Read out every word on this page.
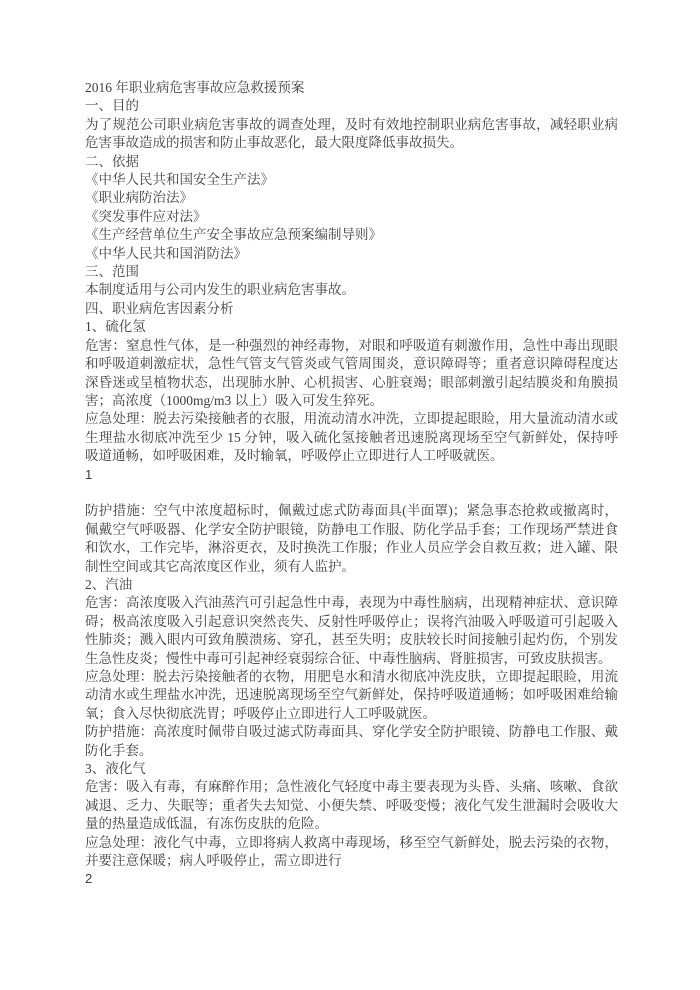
2016 年职业病危害事故应急救援预案

一、目的

为了规范公司职业病危害事故的调查处理，及时有效地控制职业病危害事故，减轻职业病危害事故造成的损害和防止事故恶化，最大限度降低事故损失。

二、依据

《中华人民共和国安全生产法》

《职业病防治法》

《突发事件应对法》

《生产经营单位生产安全事故应急预案编制导则》

《中华人民共和国消防法》

三、范围

本制度适用与公司内发生的职业病危害事故。

四、职业病危害因素分析

1、硫化氢

危害：窒息性气体，是一种强烈的神经毒物，对眼和呼吸道有刺激作用，急性中毒出现眼和呼吸道刺激症状，急性气管支气管炎或气管周围炎，意识障碍等；重者意识障碍程度达深昏迷或呈植物状态，出现肺水肿、心机损害、心脏衰竭；眼部刺激引起结膜炎和角膜损害；高浓度（1000mg/m3 以上）吸入可发生猝死。

应急处理：脱去污染接触者的衣服，用流动清水冲洗，立即提起眼睑，用大量流动清水或生理盐水彻底冲洗至少 15 分钟，吸入硫化氢接触者迅速脱离现场至空气新鲜处，保持呼吸道通畅，如呼吸困难，及时输氧，呼吸停止立即进行人工呼吸就医。

1

防护措施：空气中浓度超标时，佩戴过虑式防毒面具(半面罩)；紧急事态抢救或撤离时，佩戴空气呼吸器、化学安全防护眼镜，防静电工作服、防化学品手套；工作现场严禁进食和饮水，工作完毕，淋浴更衣，及时换洗工作服；作业人员应学会自救互救；进入罐、限制性空间或其它高浓度区作业，须有人监护。

2、汽油

危害：高浓度吸入汽油蒸汽可引起急性中毒，表现为中毒性脑病，出现精神症状、意识障碍；极高浓度吸入引起意识突然丧失、反射性呼吸停止；误将汽油吸入呼吸道可引起吸入性肺炎；溅入眼内可致角膜溃疡、穿孔，甚至失明；皮肤较长时间接触引起灼伤，个别发生急性皮炎；慢性中毒可引起神经衰弱综合征、中毒性脑病、肾脏损害，可致皮肤损害。

应急处理：脱去污染接触者的衣物，用肥皂水和清水彻底冲洗皮肤，立即提起眼睑，用流动清水或生理盐水冲洗，迅速脱离现场至空气新鲜处，保持呼吸道通畅；如呼吸困难给输氧；食入尽快彻底洗胃；呼吸停止立即进行人工呼吸就医。

防护措施：高浓度时佩带自吸过滤式防毒面具、穿化学安全防护眼镜、防静电工作服、戴防化手套。

3、液化气

危害：吸入有毒，有麻醉作用；急性液化气轻度中毒主要表现为头昏、头痛、咳嗽、食欲减退、乏力、失眠等；重者失去知觉、小便失禁、呼吸变慢；液化气发生泄漏时会吸收大量的热量造成低温，有冻伤皮肤的危险。

应急处理：液化气中毒，立即将病人救离中毒现场，移至空气新鲜处，脱去污染的衣物，并要注意保暖；病人呼吸停止，需立即进行

2
